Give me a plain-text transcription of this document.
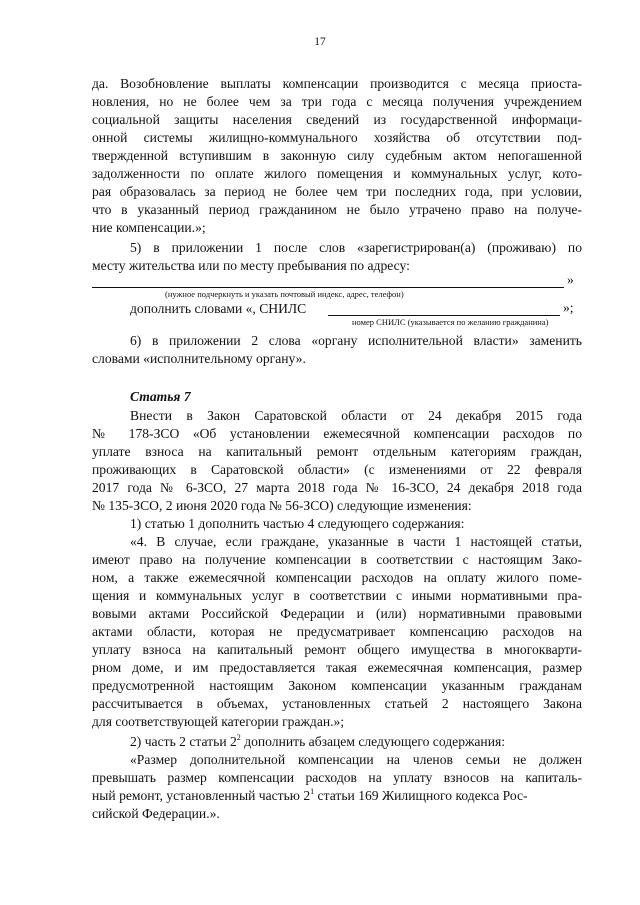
17
да. Возобновление выплаты компенсации производится с месяца приоста-
новления, но не более чем за три года с месяца получения учреждением
социальной защиты населения сведений из государственной информаци-
онной системы жилищно-коммунального хозяйства об отсутствии под-
твержденной вступившим в законную силу судебным актом непогашенной
задолженности по оплате жилого помещения и коммунальных услуг, кото-
рая образовалась за период не более чем три последних года, при условии,
что в указанный период гражданином не было утрачено право на получе-
ние компенсации.»;
5) в приложении 1 после слов «зарегистрирован(а) (проживаю) по
месту жительства или по месту пребывания по адресу:
»
(нужное подчеркнуть и указать почтовый индекс, адрес, телефон)
дополнить словами «, СНИЛС	»;
номер СНИЛС (указывается по желанию гражданина)
6) в приложении 2 слова «органу исполнительной власти» заменить
словами «исполнительному органу».
Статья 7
Внести в Закон Саратовской области от 24 декабря 2015 года
№ 178-ЗСО «Об установлении ежемесячной компенсации расходов по
уплате взноса на капитальный ремонт отдельным категориям граждан,
проживающих в Саратовской области» (с изменениями от 22 февраля
2017 года № 6-ЗСО, 27 марта 2018 года № 16-ЗСО, 24 декабря 2018 года
№ 135-ЗСО, 2 июня 2020 года № 56-ЗСО) следующие изменения:
1) статью 1 дополнить частью 4 следующего содержания:
«4. В случае, если граждане, указанные в части 1 настоящей статьи,
имеют право на получение компенсации в соответствии с настоящим Зако-
ном, а также ежемесячной компенсации расходов на оплату жилого поме-
щения и коммунальных услуг в соответствии с иными нормативными пра-
вовыми актами Российской Федерации и (или) нормативными правовыми
актами области, которая не предусматривает компенсацию расходов на
уплату взноса на капитальный ремонт общего имущества в многокварти-
рном доме, и им предоставляется такая ежемесячная компенсация, размер
предусмотренной настоящим Законом компенсации указанным гражданам
рассчитывается в объемах, установленных статьей 2 настоящего Закона
для соответствующей категории граждан.»;
2) часть 2 статьи $2^2$ дополнить абзацем следующего содержания:
«Размер дополнительной компенсации на членов семьи не должен
превышать размер компенсации расходов на уплату взносов на капиталь-
ный ремонт, установленный частью $2^1$ статьи 169 Жилищного кодекса Рос-
сийской Федерации.».
